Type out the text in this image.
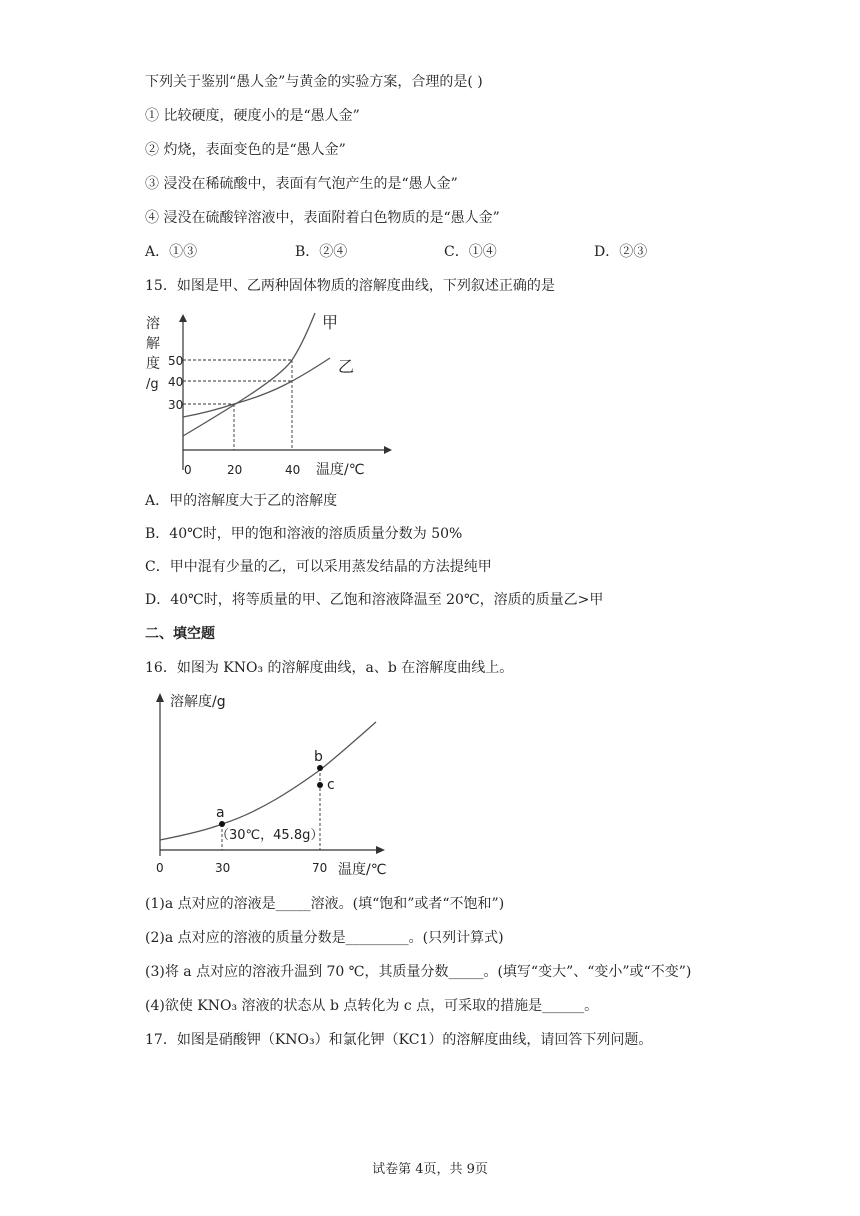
下列关于鉴别“愚人金”与黄金的实验方案，合理的是( )
① 比较硬度，硬度小的是“愚人金”
② 灼烧，表面变色的是“愚人金”
③ 浸没在稀硫酸中，表面有气泡产生的是“愚人金”
④ 浸没在硫酸锌溶液中，表面附着白色物质的是“愚人金”
A．①③	B．②④	C．①④	D．②③
15．如图是甲、乙两种固体物质的溶解度曲线，下列叙述正确的是
溶
解
度
/g
50
40
30
0	20	40 温度/℃
甲
乙
A．甲的溶解度大于乙的溶解度
B．40℃时，甲的饱和溶液的溶质质量分数为 50%
C．甲中混有少量的乙，可以采用蒸发结晶的方法提纯甲
D．40℃时，将等质量的甲、乙饱和溶液降温至 20℃，溶质的质量乙>甲
二、填空题
16．如图为 KNO₃ 的溶解度曲线，a、b 在溶解度曲线上。
溶解度/g
a
b
c
（30℃，45.8g）
0	30	70 温度/℃
(1)a 点对应的溶液是_____溶液。(填“饱和”或者“不饱和”)
(2)a 点对应的溶液的质量分数是_________。(只列计算式)
(3)将 a 点对应的溶液升温到 70 ℃，其质量分数_____。(填写“变大”、“变小”或“不变”)
(4)欲使 KNO₃ 溶液的状态从 b 点转化为 c 点，可采取的措施是______。
17．如图是硝酸钾（KNO₃）和氯化钾（KC1）的溶解度曲线，请回答下列问题。
试卷第 4页，共 9页
